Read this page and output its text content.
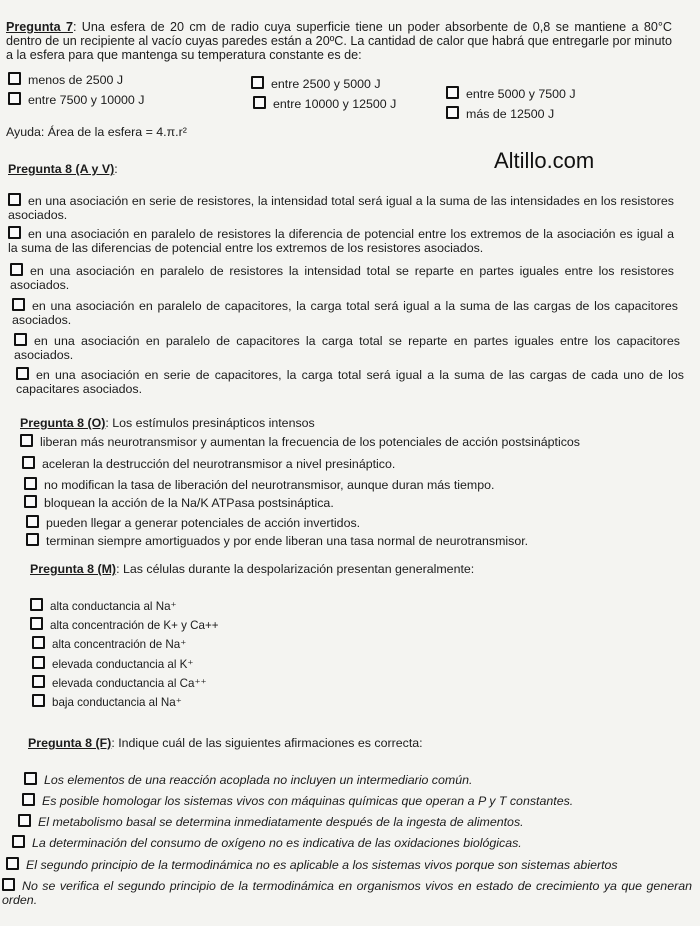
Pregunta 7: Una esfera de 20 cm de radio cuya superficie tiene un poder absorbente de 0,8 se mantiene a 80°C dentro de un recipiente al vacío cuyas paredes están a 20ºC. La cantidad de calor que habrá que entregarle por minuto a la esfera para que mantenga su temperatura constante es de:
menos de 2500 J	entre 2500 y 5000 J
entre 5000 y 7500 J
entre 7500 y 10000 J	entre 10000 y 12500 J
más de 12500 J
Ayuda: Área de la esfera = 4.π.r²
Altillo.com
Pregunta 8 (A y V):
en una asociación en serie de resistores, la intensidad total será igual a la suma de las intensidades en los resistores asociados.
en una asociación en paralelo de resistores la diferencia de potencial entre los extremos de la asociación es igual a la suma de las diferencias de potencial entre los extremos de los resistores asociados.
en una asociación en paralelo de resistores la intensidad total se reparte en partes iguales entre los resistores asociados.
en una asociación en paralelo de capacitores, la carga total será igual a la suma de las cargas de los capacitores asociados.
en una asociación en paralelo de capacitores la carga total se reparte en partes iguales entre los capacitores asociados.
en una asociación en serie de capacitores, la carga total será igual a la suma de las cargas de cada uno de los capacitares asociados.
Pregunta 8 (O): Los estímulos presinápticos intensos
liberan más neurotransmisor y aumentan la frecuencia de los potenciales de acción postsinápticos
aceleran la destrucción del neurotransmisor a nivel presináptico.
no modifican la tasa de liberación del neurotransmisor, aunque duran más tiempo.
bloquean la acción de la Na/K ATPasa postsináptica.
pueden llegar a generar potenciales de acción invertidos.
terminan siempre amortiguados y por ende liberan una tasa normal de neurotransmisor.
Pregunta 8 (M): Las células durante la despolarización presentan generalmente:
alta conductancia al Na⁺
alta concentración de K+ y Ca++
alta concentración de Na⁺
elevada conductancia al K⁺
elevada conductancia al Ca⁺⁺
baja conductancia al Na⁺
Pregunta 8 (F): Indique cuál de las siguientes afirmaciones es correcta:
Los elementos de una reacción acoplada no incluyen un intermediario común.
Es posible homologar los sistemas vivos con máquinas químicas que operan a P y T constantes.
El metabolismo basal se determina inmediatamente después de la ingesta de alimentos.
La determinación del consumo de oxígeno no es indicativa de las oxidaciones biológicas.
El segundo principio de la termodinámica no es aplicable a los sistemas vivos porque son sistemas abiertos
No se verifica el segundo principio de la termodinámica en organismos vivos en estado de crecimiento ya que generan orden.
